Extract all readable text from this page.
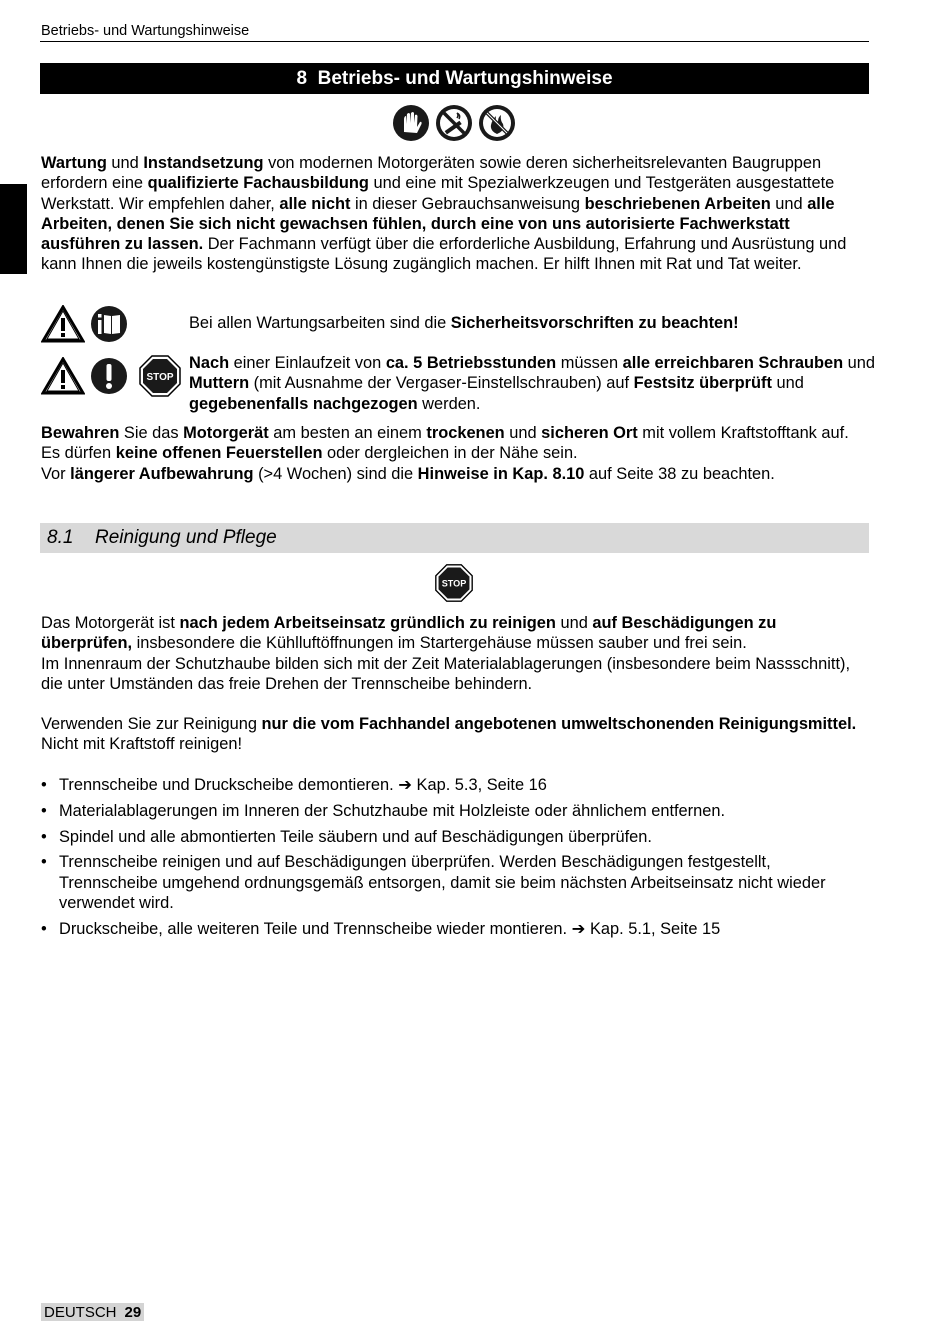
Betriebs- und Wartungshinweise
8
Betriebs- und Wartungshinweise
Wartung und Instandsetzung von modernen Motorgeräten sowie deren sicherheitsrelevanten Baugruppen erfordern eine qualifizierte Fachausbildung und eine mit Spezialwerkzeugen und Testgeräten ausgestattete Werkstatt. Wir empfehlen daher, alle nicht in dieser Gebrauchsanweisung beschriebenen Arbeiten und alle Arbeiten, denen Sie sich nicht gewachsen fühlen, durch eine von uns autorisierte Fachwerkstatt ausführen zu lassen. Der Fachmann verfügt über die erforderliche Ausbildung, Erfahrung und Ausrüstung und kann Ihnen die jeweils kostengünstigste Lösung zugänglich machen. Er hilft Ihnen mit Rat und Tat weiter.
Bei allen Wartungsarbeiten sind die Sicherheitsvorschriften zu beachten!
STOP
Nach einer Einlaufzeit von ca. 5 Betriebsstunden müssen alle erreichbaren Schrauben und Muttern (mit Ausnahme der Vergaser-Einstellschrauben) auf Festsitz überprüft und gegebenenfalls nachgezogen werden.
Bewahren Sie das Motorgerät am besten an einem trockenen und sicheren Ort mit vollem Kraftstofftank auf. Es dürfen keine offenen Feuerstellen oder dergleichen in der Nähe sein.
Vor längerer Aufbewahrung (>4 Wochen) sind die Hinweise in Kap. 8.10 auf Seite 38 zu beachten.
8.1	Reinigung und Pflege
STOP
Das Motorgerät ist nach jedem Arbeitseinsatz gründlich zu reinigen und auf Beschädigungen zu überprüfen, insbesondere die Kühlluftöffnungen im Startergehäuse müssen sauber und frei sein.
Im Innenraum der Schutzhaube bilden sich mit der Zeit Materialablagerungen (insbesondere beim Nassschnitt), die unter Umständen das freie Drehen der Trennscheibe behindern.
Verwenden Sie zur Reinigung nur die vom Fachhandel angebotenen umweltschonenden Reinigungsmittel. Nicht mit Kraftstoff reinigen!
• Trennscheibe und Druckscheibe demontieren. ➔ Kap. 5.3, Seite 16
• Materialablagerungen im Inneren der Schutzhaube mit Holzleiste oder ähnlichem entfernen.
• Spindel und alle abmontierten Teile säubern und auf Beschädigungen überprüfen.
• Trennscheibe reinigen und auf Beschädigungen überprüfen. Werden Beschädigungen festgestellt, Trennscheibe umgehend ordnungsgemäß entsorgen, damit sie beim nächsten Arbeitseinsatz nicht wieder verwendet wird.
• Druckscheibe, alle weiteren Teile und Trennscheibe wieder montieren. ➔ Kap. 5.1, Seite 15
DEUTSCH 29
